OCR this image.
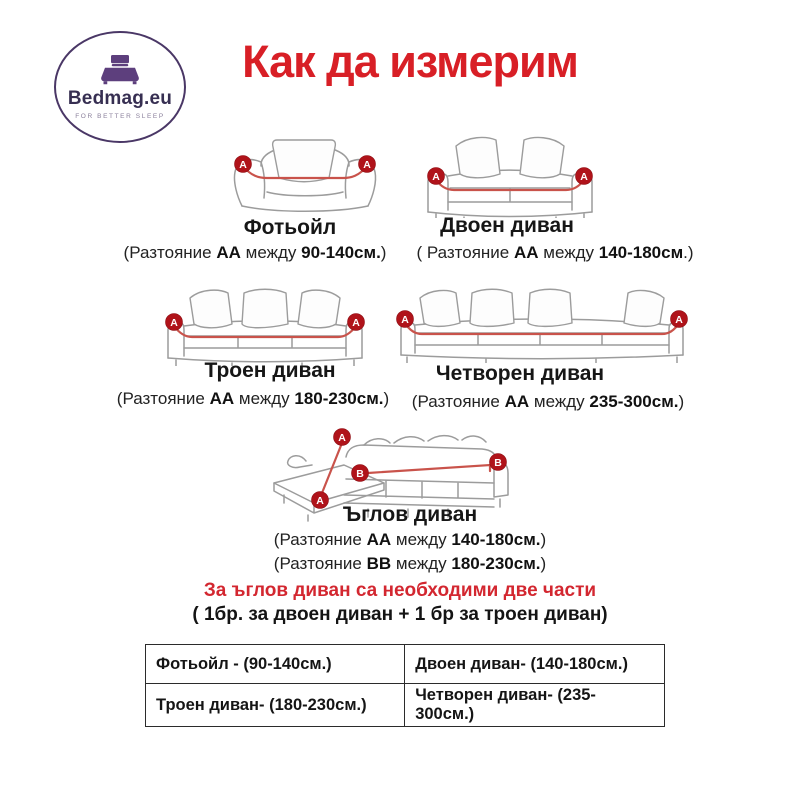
Bedmag.eu
FOR BETTER SLEEP
Как да измерим
A	A

Фотьойл

(Разтояние АА между 90-140см.)

A	A

Двоен диван

( Разтояние АА между 140-180см.)

A	A

Троен диван

(Разтояние АА между 180-230см.)

A	A

Четворен диван

(Разтояние АА между 235-300см.)

A
A
B
B

Ъглов диван

(Разтояние АА между 140-180см.)

(Разтояние ВВ между 180-230см.)

За ъглов диван са необходими две части

( 1бр. за двоен диван + 1 бр за троен диван)

Фотьойл - (90-140см.)	Двоен диван- (140-180см.)
Троен диван- (180-230см.)	Четворен диван- (235-300см.)
